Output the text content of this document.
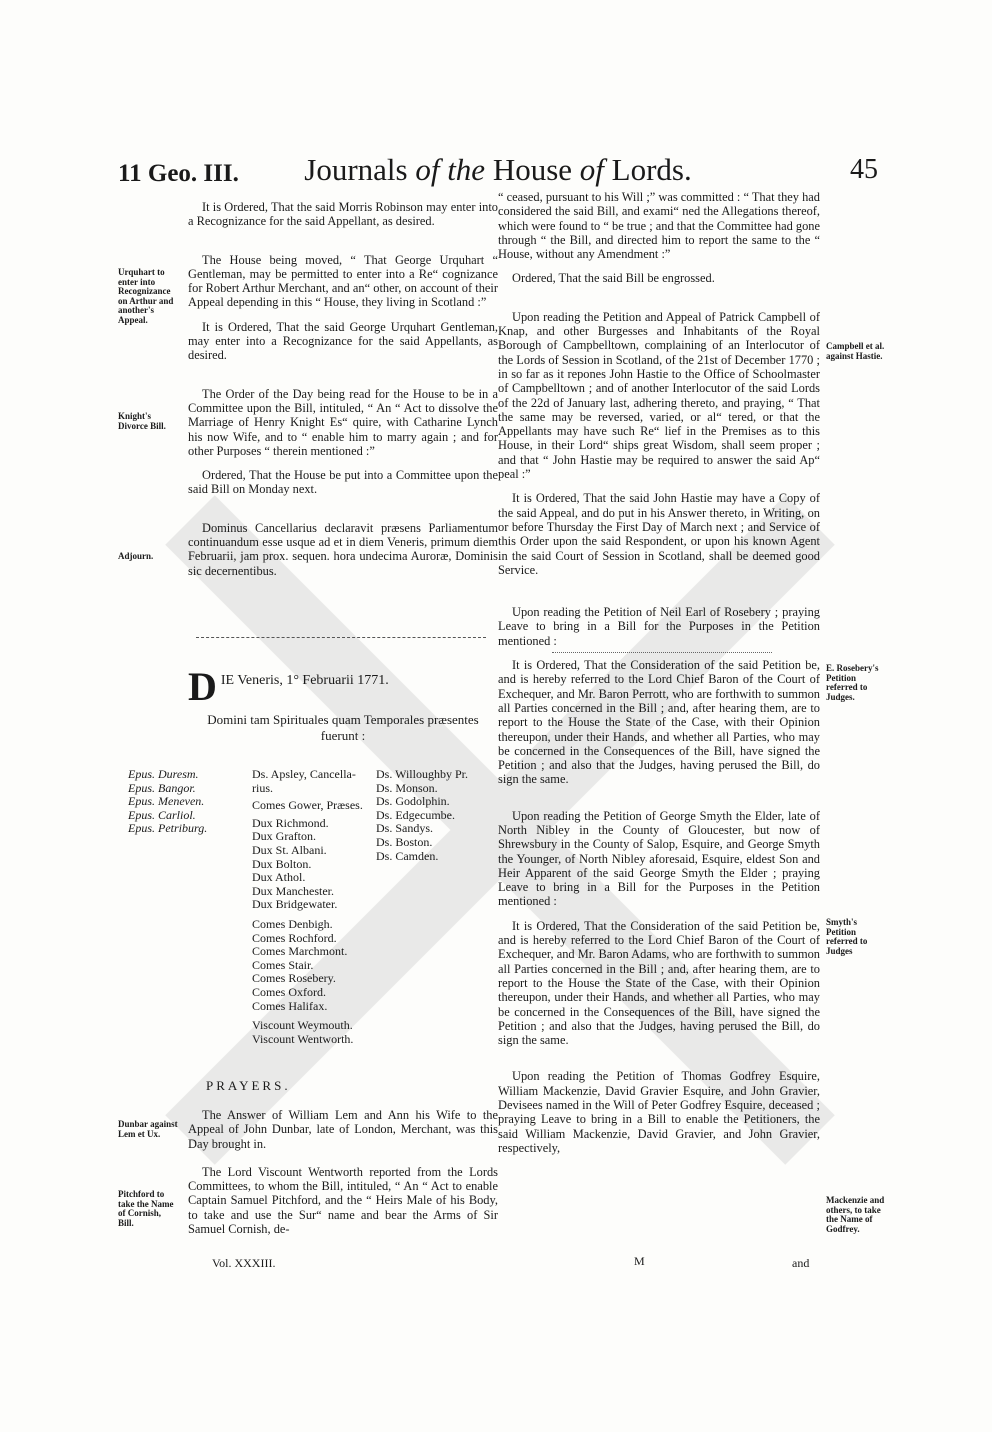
11 Geo. III.	Journals of the House of Lords.	45

It is Ordered, That the said Morris Robinson may enter into a Recognizance for the said Appellant, as desired.

The House being moved, “ That George Urquhart “ Gentleman, may be permitted to enter into a Re“ cognizance for Robert Arthur Merchant, and an“ other, on account of their Appeal depending in this “ House, they living in Scotland :”

It is Ordered, That the said George Urquhart Gentleman, may enter into a Recognizance for the said Appellants, as desired.

The Order of the Day being read for the House to be in a Committee upon the Bill, intituled, “ An “ Act to dissolve the Marriage of Henry Knight Es“ quire, with Catharine Lynch his now Wife, and to “ enable him to marry again ; and for other Purposes “ therein mentioned :”

Ordered, That the House be put into a Committee upon the said Bill on Monday next.

Dominus Cancellarius declaravit præsens Parliamentum continuandum esse usque ad et in diem Veneris, primum diem Februarii, jam prox. sequen. hora undecima Auroræ, Dominis sic decernentibus.

D IE Veneris, 1° Februarii 1771.
Domini tam Spirituales quam Temporales præsentes fuerunt :
Epus. Duresm.
Epus. Bangor.
Epus. Meneven.
Epus. Carliol.
Epus. Petriburg.
Ds. Apsley, Cancella-
rius.
Comes Gower, Præses.
Dux Richmond.
Dux Grafton.
Dux St. Albani.
Dux Bolton.
Dux Athol.
Dux Manchester.
Dux Bridgewater.
Comes Denbigh.
Comes Rochford.
Comes Marchmont.
Comes Stair.
Comes Rosebery.
Comes Oxford.
Comes Halifax.
Viscount Weymouth.
Viscount Wentworth.
Ds. Willoughby Pr.
Ds. Monson.
Ds. Godolphin.
Ds. Edgecumbe.
Ds. Sandys.
Ds. Boston.
Ds. Camden.
PRAYERS.

The Answer of William Lem and Ann his Wife to the Appeal of John Dunbar, late of London, Merchant, was this Day brought in.

The Lord Viscount Wentworth reported from the Lords Committees, to whom the Bill, intituled, “ An “ Act to enable Captain Samuel Pitchford, and the “ Heirs Male of his Body, to take and use the Sur“ name and bear the Arms of Sir Samuel Cornish, de-

Vol. XXXIII.

“ ceased, pursuant to his Will ;” was committed : “ That they had considered the said Bill, and exami“ ned the Allegations thereof, which were found to “ be true ; and that the Committee had gone through “ the Bill, and directed him to report the same to the “ House, without any Amendment :”

Ordered, That the said Bill be engrossed.

Upon reading the Petition and Appeal of Patrick Campbell of Knap, and other Burgesses and Inhabitants of the Royal Borough of Campbelltown, complaining of an Interlocutor of the Lords of Session in Scotland, of the 21st of December 1770 ; in so far as it repones John Hastie to the Office of Schoolmaster of Campbelltown ; and of another Interlocutor of the said Lords of the 22d of January last, adhering thereto, and praying, “ That the same may be reversed, varied, or al“ tered, or that the Appellants may have such Re“ lief in the Premises as to this House, in their Lord“ ships great Wisdom, shall seem proper ; and that “ John Hastie may be required to answer the said Ap“ peal :”

It is Ordered, That the said John Hastie may have a Copy of the said Appeal, and do put in his Answer thereto, in Writing, on or before Thursday the First Day of March next ; and Service of this Order upon the said Respondent, or upon his known Agent in the said Court of Session in Scotland, shall be deemed good Service.

Upon reading the Petition of Neil Earl of Rosebery ; praying Leave to bring in a Bill for the Purposes in the Petition mentioned :

It is Ordered, That the Consideration of the said Petition be, and is hereby referred to the Lord Chief Baron of the Court of Exchequer, and Mr. Baron Perrott, who are forthwith to summon all Parties concerned in the Bill ; and, after hearing them, are to report to the House the State of the Case, with their Opinion thereupon, under their Hands, and whether all Parties, who may be concerned in the Consequences of the Bill, have signed the Petition ; and also that the Judges, having perused the Bill, do sign the same.

Upon reading the Petition of George Smyth the Elder, late of North Nibley in the County of Gloucester, but now of Shrewsbury in the County of Salop, Esquire, and George Smyth the Younger, of North Nibley aforesaid, Esquire, eldest Son and Heir Apparent of the said George Smyth the Elder ; praying Leave to bring in a Bill for the Purposes in the Petition mentioned :

It is Ordered, That the Consideration of the said Petition be, and is hereby referred to the Lord Chief Baron of the Court of Exchequer, and Mr. Baron Adams, who are forthwith to summon all Parties concerned in the Bill ; and, after hearing them, are to report to the House the State of the Case, with their Opinion thereupon, under their Hands, and whether all Parties, who may be concerned in the Consequences of the Bill, have signed the Petition ; and also that the Judges, having perused the Bill, do sign the same.

Upon reading the Petition of Thomas Godfrey Esquire, William Mackenzie, David Gravier Esquire, and John Gravier, Devisees named in the Will of Peter Godfrey Esquire, deceased ; praying Leave to bring in a Bill to enable the Petitioners, the said William Mackenzie, David Gravier, and John Gravier, respectively,

M	and
Urquhart to enter into Recognizance on Arthur and another's Appeal.
Knight's Divorce Bill.
Adjourn.
Dunbar against Lem et Ux.
Pitchford to take the Name of Cornish, Bill.
Campbell et al. against Hastie.
E. Rosebery's Petition referred to Judges.
Smyth's Petition referred to Judges
Mackenzie and others, to take the Name of Godfrey.
